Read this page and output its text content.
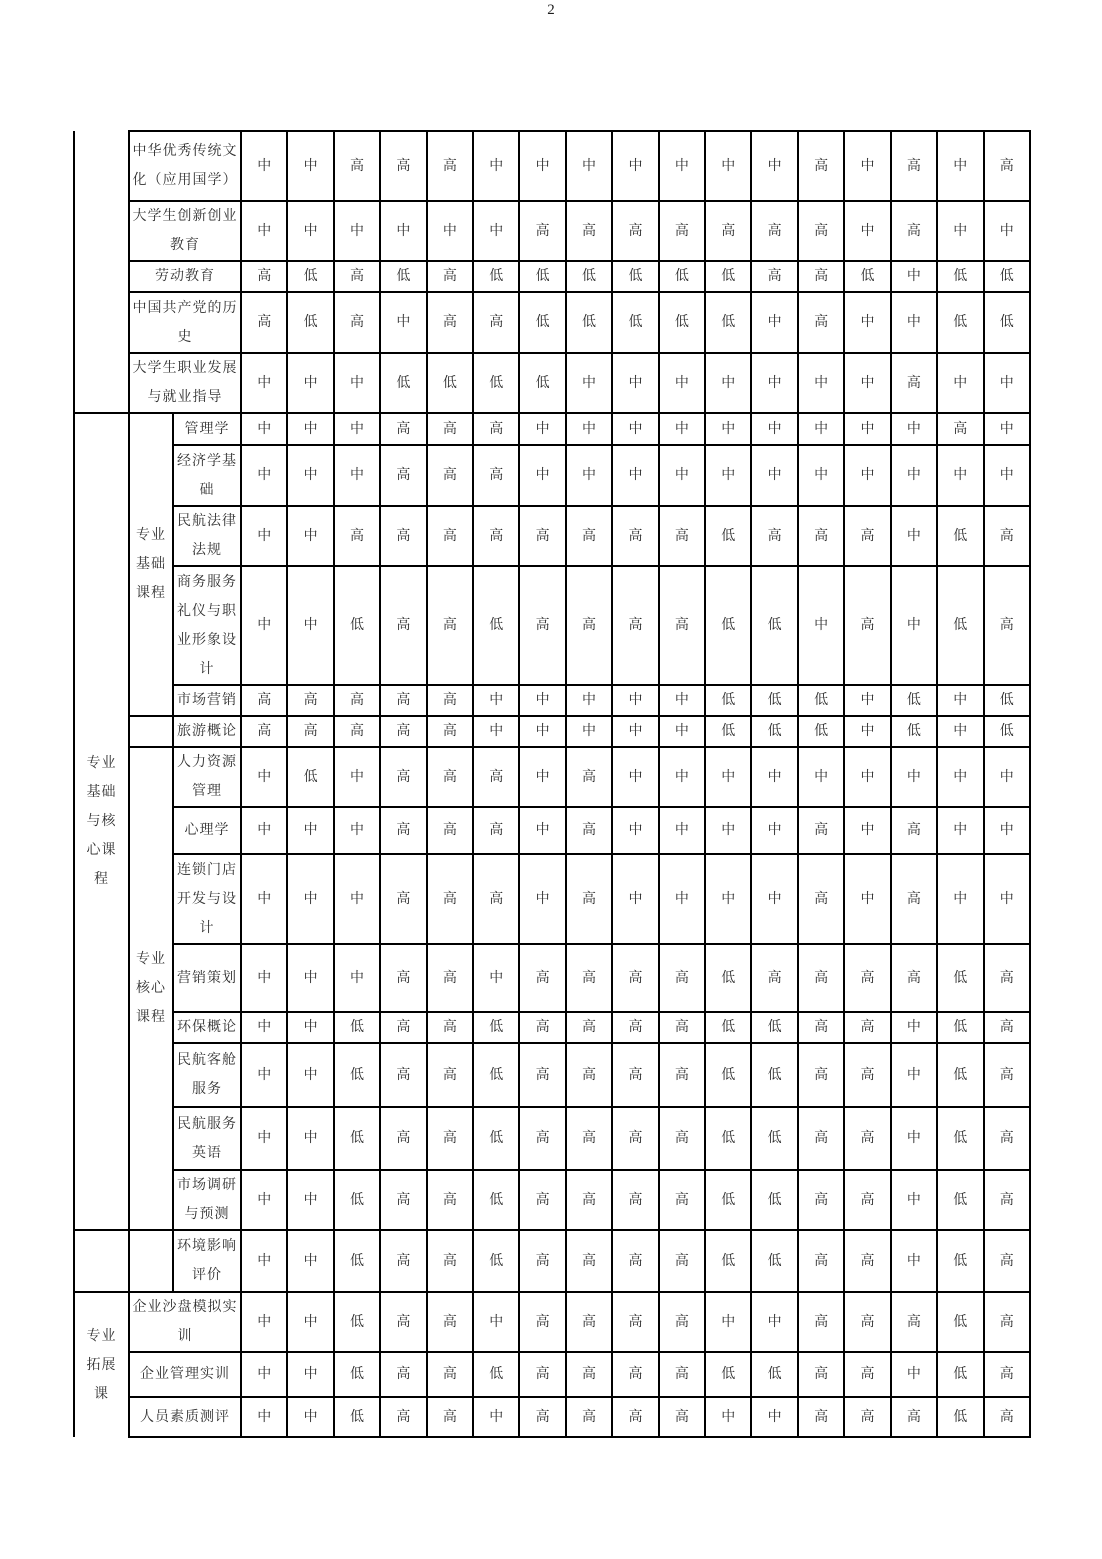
2
	中华优秀传统文化（应用国学）		中	中	高	高	高	中	中	中	中	中	中	中	高	中	高	中	高
	大学生创新创业教育		中	中	中	中	中	中	高	高	高	高	高	高	高	中	高	中	中
	劳动教育		高	低	高	低	高	低	低	低	低	低	低	高	高	低	中	低	低
	中国共产党的历史		高	低	高	中	高	高	低	低	低	低	低	中	高	中	中	低	低
	大学生职业发展与就业指导		中	中	中	低	低	低	低	中	中	中	中	中	中	中	高	中	中
专业基础与核心课程	专业基础课程	管理学	中	中	中	高	高	高	中	中	中	中	中	中	中	中	中	高	中
		经济学基础	中	中	中	高	高	高	中	中	中	中	中	中	中	中	中	中	中
		民航法律法规	中	中	高	高	高	高	高	高	高	高	低	高	高	高	中	低	高
		商务服务礼仪与职业形象设计	中	中	低	高	高	低	高	高	高	高	低	低	中	高	中	低	高
		市场营销	高	高	高	高	高	中	中	中	中	中	低	低	低	中	低	中	低
		旅游概论	高	高	高	高	高	中	中	中	中	中	低	低	低	中	低	中	低
	专业核心课程	人力资源管理	中	低	中	高	高	高	中	高	中	中	中	中	中	中	中	中	中
		心理学	中	中	中	高	高	高	中	高	中	中	中	中	高	中	高	中	中
		连锁门店开发与设计	中	中	中	高	高	高	中	高	中	中	中	中	高	中	高	中	中
		营销策划	中	中	中	高	高	中	高	高	高	高	低	高	高	高	高	低	高
		环保概论	中	中	低	高	高	低	高	高	高	高	低	低	高	高	中	低	高
		民航客舱服务	中	中	低	高	高	低	高	高	高	高	低	低	高	高	中	低	高
		民航服务英语	中	中	低	高	高	低	高	高	高	高	低	低	高	高	中	低	高
		市场调研与预测	中	中	低	高	高	低	高	高	高	高	低	低	高	高	中	低	高
		环境影响评价	中	中	低	高	高	低	高	高	高	高	低	低	高	高	中	低	高
专业拓展课	企业沙盘模拟实训		中	中	低	高	高	中	高	高	高	高	中	中	高	高	高	低	高
	企业管理实训		中	中	低	高	高	低	高	高	高	高	低	低	高	高	中	低	高
	人员素质测评		中	中	低	高	高	中	高	高	高	高	中	中	高	高	高	低	高
